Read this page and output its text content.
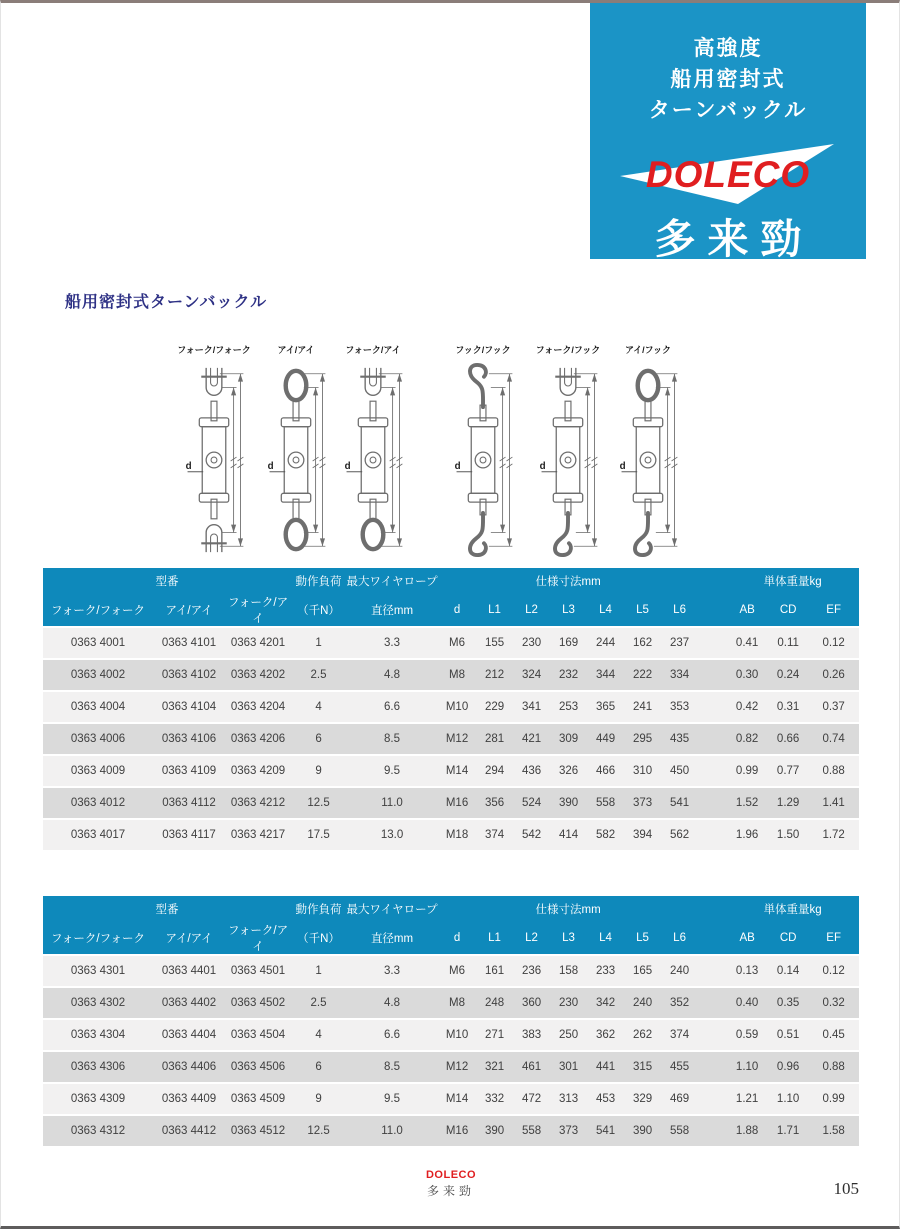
高強度
船用密封式
ターンバックル
DOLECO
多来勁
船用密封式ターンバックル
フォーク/フォーク
d
アイ/アイ
d
フォーク/アイ
d
フック/フック
d
フォーク/フック
d
アイ/フック
d
型番			動作負荷	最大ワイヤロープ	仕様寸法mm								単体重量kg		
フォーク/フォーク	アイ/アイ	フォーク/アイ	（千N）	直径mm	d	L1	L2	L3	L4	L5	L6		AB	CD	EF
0363 4001	0363 4101	0363 4201	1	3.3	M6	155	230	169	244	162	237		0.41	0.11	0.12
0363 4002	0363 4102	0363 4202	2.5	4.8	M8	212	324	232	344	222	334		0.30	0.24	0.26
0363 4004	0363 4104	0363 4204	4	6.6	M10	229	341	253	365	241	353		0.42	0.31	0.37
0363 4006	0363 4106	0363 4206	6	8.5	M12	281	421	309	449	295	435		0.82	0.66	0.74
0363 4009	0363 4109	0363 4209	9	9.5	M14	294	436	326	466	310	450		0.99	0.77	0.88
0363 4012	0363 4112	0363 4212	12.5	11.0	M16	356	524	390	558	373	541		1.52	1.29	1.41
0363 4017	0363 4117	0363 4217	17.5	13.0	M18	374	542	414	582	394	562		1.96	1.50	1.72
型番			動作負荷	最大ワイヤロープ	仕様寸法mm								単体重量kg		
フォーク/フォーク	アイ/アイ	フォーク/アイ	（千N）	直径mm	d	L1	L2	L3	L4	L5	L6		AB	CD	EF
0363 4301	0363 4401	0363 4501	1	3.3	M6	161	236	158	233	165	240		0.13	0.14	0.12
0363 4302	0363 4402	0363 4502	2.5	4.8	M8	248	360	230	342	240	352		0.40	0.35	0.32
0363 4304	0363 4404	0363 4504	4	6.6	M10	271	383	250	362	262	374		0.59	0.51	0.45
0363 4306	0363 4406	0363 4506	6	8.5	M12	321	461	301	441	315	455		1.10	0.96	0.88
0363 4309	0363 4409	0363 4509	9	9.5	M14	332	472	313	453	329	469		1.21	1.10	0.99
0363 4312	0363 4412	0363 4512	12.5	11.0	M16	390	558	373	541	390	558		1.88	1.71	1.58
DOLECO
多来勁	105
